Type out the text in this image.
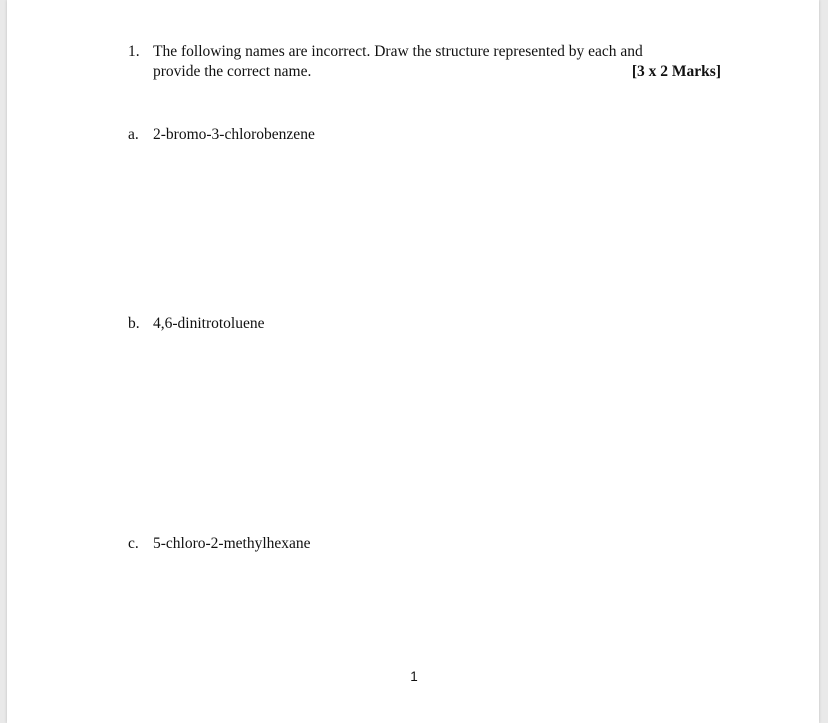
1. The following names are incorrect. Draw the structure represented by each and
provide the correct name.	[3 x 2 Marks]
a. 2-bromo-3-chlorobenzene
b. 4,6-dinitrotoluene
c. 5-chloro-2-methylhexane
1
